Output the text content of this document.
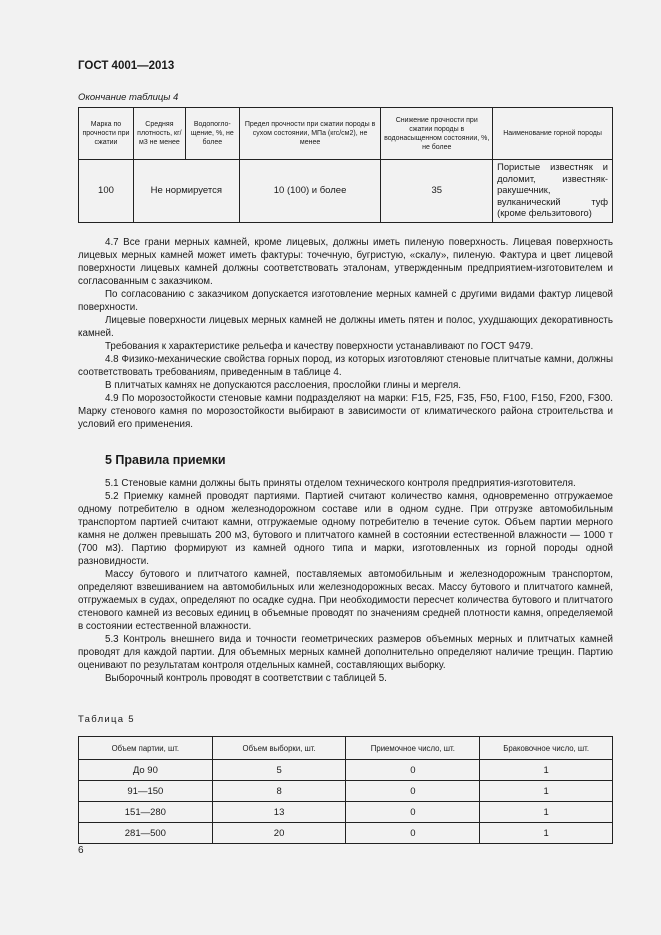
ГОСТ 4001—2013
Окончание таблицы 4
Марка по прочности при сжатии	Средняя плотность, кг/м3 не менее	Водопогло-щение, %, не более	Предел прочности при сжатии породы в сухом состоянии, МПа (кгс/см2), не менее	Снижение прочности при сжатии породы в водонасыщенном состоянии, %, не более	Наименование горной породы
100	Не нормируется		10 (100) и более	35	Пористые известняк и доломит, известняк-ракушечник, вулканический туф (кроме фельзитового)

4.7 Все грани мерных камней, кроме лицевых, должны иметь пиленую поверхность. Лицевая поверхность лицевых мерных камней может иметь фактуры: точечную, бугристую, «скалу», пиленую. Фактура и цвет лицевой поверхности лицевых камней должны соответствовать эталонам, утвержденным предприятием-изготовителем и согласованным с заказчиком.

По согласованию с заказчиком допускается изготовление мерных камней с другими видами фактур лицевой поверхности.

Лицевые поверхности лицевых мерных камней не должны иметь пятен и полос, ухудшающих декоративность камней.

Требования к характеристике рельефа и качеству поверхности устанавливают по ГОСТ 9479.

4.8 Физико-механические свойства горных пород, из которых изготовляют стеновые плитчатые камни, должны соответствовать требованиям, приведенным в таблице 4.

В плитчатых камнях не допускаются расслоения, прослойки глины и мергеля.

4.9 По морозостойкости стеновые камни подразделяют на марки: F15, F25, F35, F50, F100, F150, F200, F300. Марку стенового камня по морозостойкости выбирают в зависимости от климатического района строительства и условий его применения.

5 Правила приемки

5.1 Стеновые камни должны быть приняты отделом технического контроля предприятия-изготовителя.

5.2 Приемку камней проводят партиями. Партией считают количество камня, одновременно отгружаемое одному потребителю в одном железнодорожном составе или в одном судне. При отгрузке автомобильным транспортом партией считают камни, отгружаемые одному потребителю в течение суток. Объем партии мерного камня не должен превышать 200 м3, бутового и плитчатого камней в состоянии естественной влажности — 1000 т (700 м3). Партию формируют из камней одного типа и марки, изготовленных из горной породы одной разновидности.

Массу бутового и плитчатого камней, поставляемых автомобильным и железнодорожным транспортом, определяют взвешиванием на автомобильных или железнодорожных весах. Массу бутового и плитчатого камней, отгружаемых в судах, определяют по осадке судна. При необходимости пересчет количества бутового и плитчатого стенового камней из весовых единиц в объемные проводят по значениям средней плотности камня, определяемой в состоянии естественной влажности.

5.3 Контроль внешнего вида и точности геометрических размеров объемных мерных и плитчатых камней проводят для каждой партии. Для объемных мерных камней дополнительно определяют наличие трещин. Партию оценивают по результатам контроля отдельных камней, составляющих выборку.

Выборочный контроль проводят в соответствии с таблицей 5.

Таблица 5
Объем партии, шт.	Объем выборки, шт.	Приемочное число, шт.	Браковочное число, шт.
До 90	5	0	1
91—150	8	0	1
151—280	13	0	1
281—500	20	0	1
6
